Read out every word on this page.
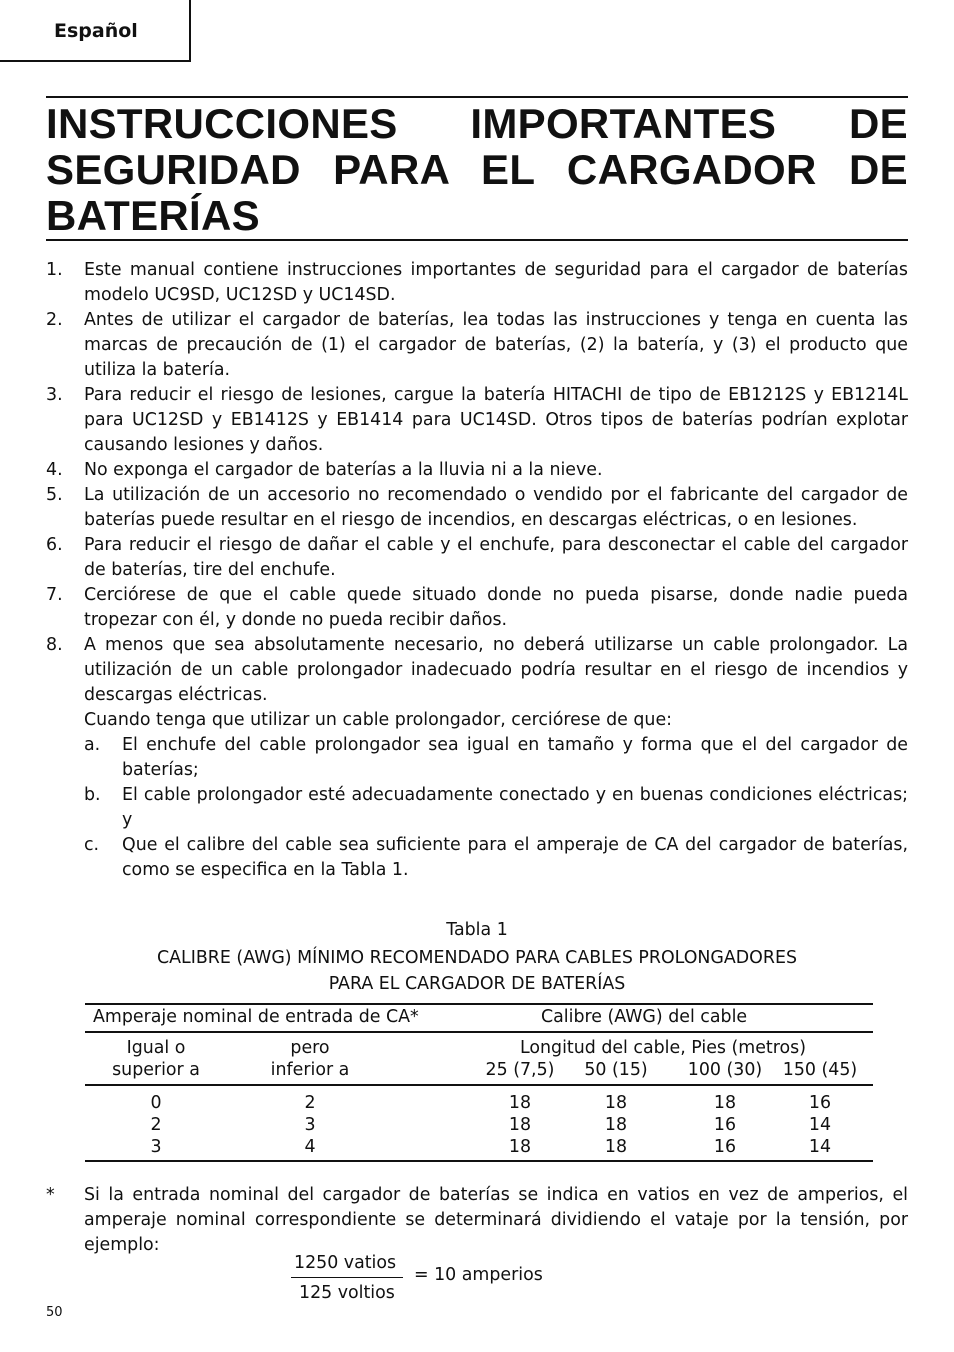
Español
INSTRUCCIONES IMPORTANTES DE SEGURIDAD PARA EL CARGADOR DE BATERÍAS
1.	Este manual contiene instrucciones importantes de seguridad para el cargador de baterías modelo UC9SD, UC12SD y UC14SD.
2.	Antes de utilizar el cargador de baterías, lea todas las instrucciones y tenga en cuenta las marcas de precaución de (1) el cargador de baterías, (2) la batería, y (3) el producto que utiliza la batería.
3.	Para reducir el riesgo de lesiones, cargue la batería HITACHI de tipo de EB1212S y EB1214L para UC12SD y EB1412S y EB1414 para UC14SD. Otros tipos de baterías podrían explotar causando lesiones y daños.
4.	No exponga el cargador de baterías a la lluvia ni a la nieve.
5.	La utilización de un accesorio no recomendado o vendido por el fabricante del cargador de baterías puede resultar en el riesgo de incendios, en descargas eléctricas, o en lesiones.
6.	Para reducir el riesgo de dañar el cable y el enchufe, para desconectar el cable del cargador de baterías, tire del enchufe.
7.	Cerciórese de que el cable quede situado donde no pueda pisarse, donde nadie pueda tropezar con él, y donde no pueda recibir daños.
8.	A menos que sea absolutamente necesario, no deberá utilizarse un cable prolongador. La utilización de un cable prolongador inadecuado podría resultar en el riesgo de incendios y descargas eléctricas.
Cuando tenga que utilizar un cable prolongador, cerciórese de que:
a.	El enchufe del cable prolongador sea igual en tamaño y forma que el del cargador de baterías;
b.	El cable prolongador esté adecuadamente conectado y en buenas condiciones eléctricas; y
c.	Que el calibre del cable sea suficiente para el amperaje de CA del cargador de baterías, como se especifica en la Tabla 1.
Tabla 1
CALIBRE (AWG) MÍNIMO RECOMENDADO PARA CABLES PROLONGADORES
PARA EL CARGADOR DE BATERÍAS
Amperaje nominal de entrada de CA*	Calibre (AWG) del cable
Igual o
superior a
pero
inferior a
Longitud del cable, Pies (metros)
25 (7,5)	50 (15)	100 (30)	150 (45)
0	2	18	18	18	16
2	3	18	18	16	14
3	4	18	18	16	14
*	Si la entrada nominal del cargador de baterías se indica en vatios en vez de amperios, el amperaje nominal correspondiente se determinará dividiendo el vataje por la tensión, por ejemplo:
1250 vatios
125 voltios
= 10 amperios
50
